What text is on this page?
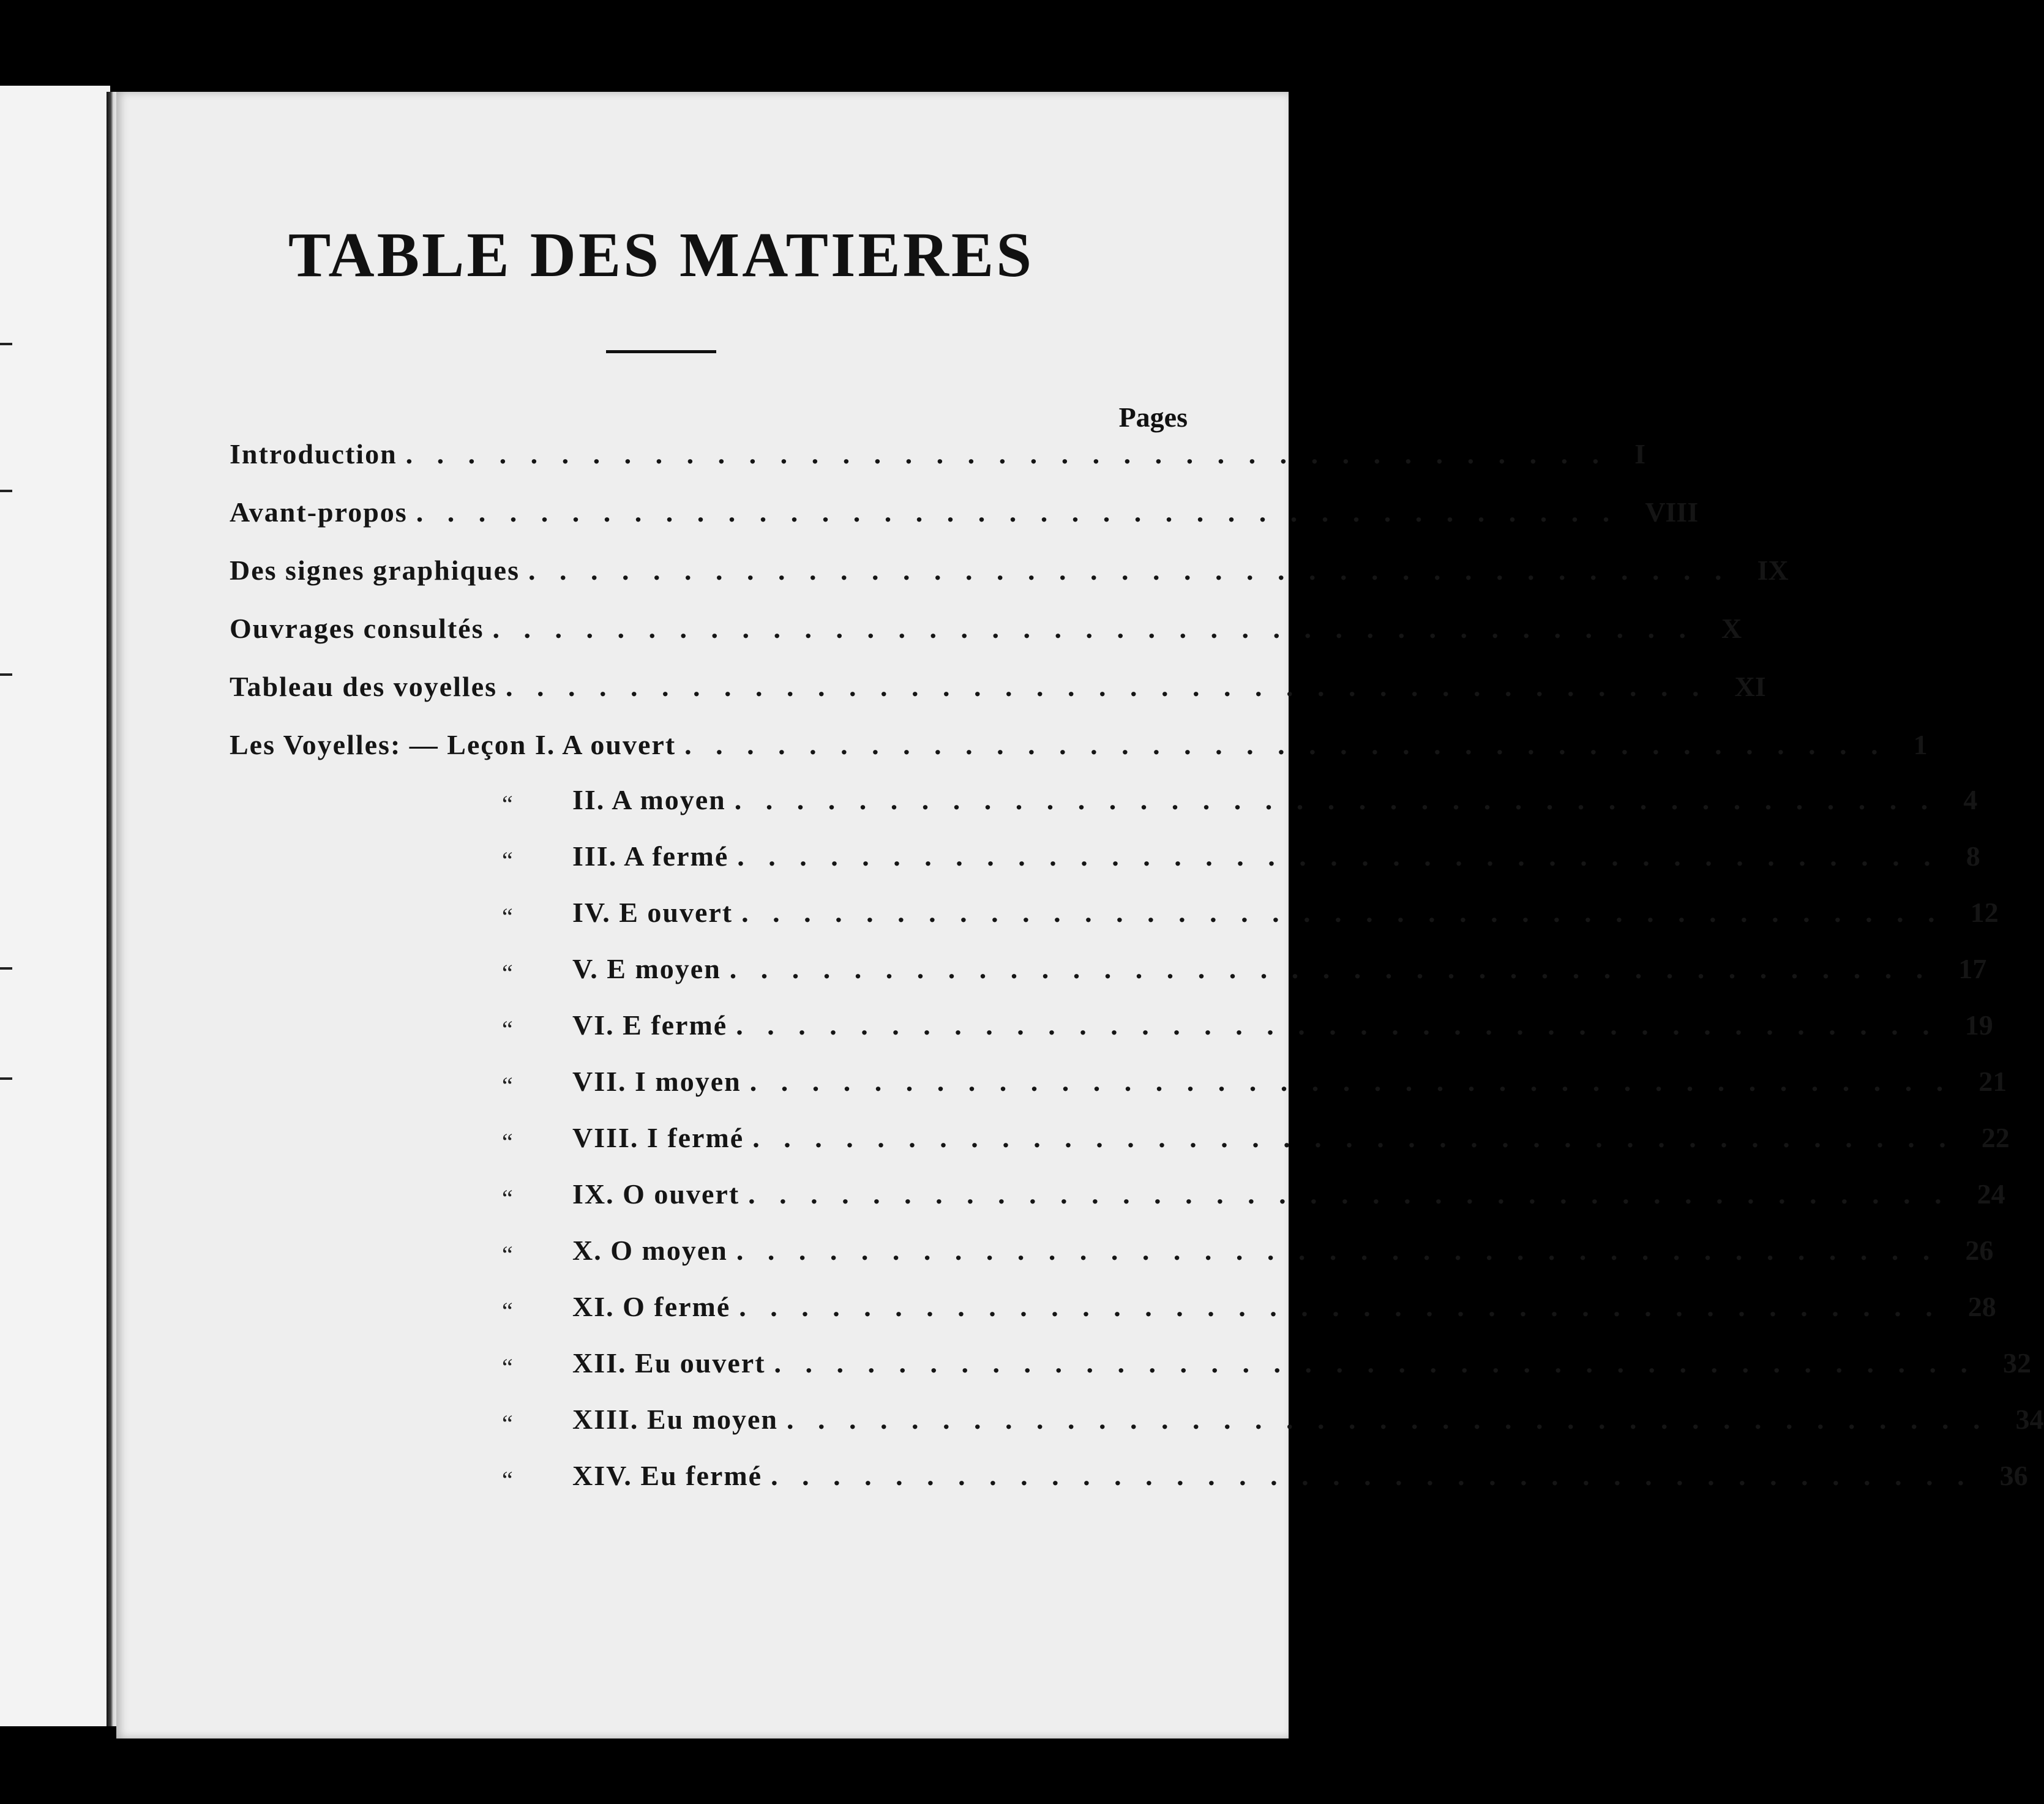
TABLE DES MATIERES
Pages
Introduction . . . . . . . . . . . . . . . . . . . . . . . . . . . . . . . . . . . . . . . I
Avant-propos . . . . . . . . . . . . . . . . . . . . . . . . . . . . . . . . . . . . . . . VIII
Des signes graphiques . . . . . . . . . . . . . . . . . . . . . . . . . . . . . . . . . . . . . . . IX
Ouvrages consultés . . . . . . . . . . . . . . . . . . . . . . . . . . . . . . . . . . . . . . . X
Tableau des voyelles . . . . . . . . . . . . . . . . . . . . . . . . . . . . . . . . . . . . . . . XI
Les Voyelles: — Leçon I. A ouvert . . . . . . . . . . . . . . . . . . . . . . . . . . . . . . . . . . . . . . . 1
“ II. A moyen . . . . . . . . . . . . . . . . . . . . . . . . . . . . . . . . . . . . . . . 4
“ III. A fermé . . . . . . . . . . . . . . . . . . . . . . . . . . . . . . . . . . . . . . . 8
“ IV. E ouvert . . . . . . . . . . . . . . . . . . . . . . . . . . . . . . . . . . . . . . . 12
“ V. E moyen . . . . . . . . . . . . . . . . . . . . . . . . . . . . . . . . . . . . . . . 17
“ VI. E fermé . . . . . . . . . . . . . . . . . . . . . . . . . . . . . . . . . . . . . . . 19
“ VII. I moyen . . . . . . . . . . . . . . . . . . . . . . . . . . . . . . . . . . . . . . . 21
“ VIII. I fermé . . . . . . . . . . . . . . . . . . . . . . . . . . . . . . . . . . . . . . . 22
“ IX. O ouvert . . . . . . . . . . . . . . . . . . . . . . . . . . . . . . . . . . . . . . . 24
“ X. O moyen . . . . . . . . . . . . . . . . . . . . . . . . . . . . . . . . . . . . . . . 26
“ XI. O fermé . . . . . . . . . . . . . . . . . . . . . . . . . . . . . . . . . . . . . . . 28
“ XII. Eu ouvert . . . . . . . . . . . . . . . . . . . . . . . . . . . . . . . . . . . . . . . 32
“ XIII. Eu moyen . . . . . . . . . . . . . . . . . . . . . . . . . . . . . . . . . . . . . . . 34
“ XIV. Eu fermé . . . . . . . . . . . . . . . . . . . . . . . . . . . . . . . . . . . . . . . 36
